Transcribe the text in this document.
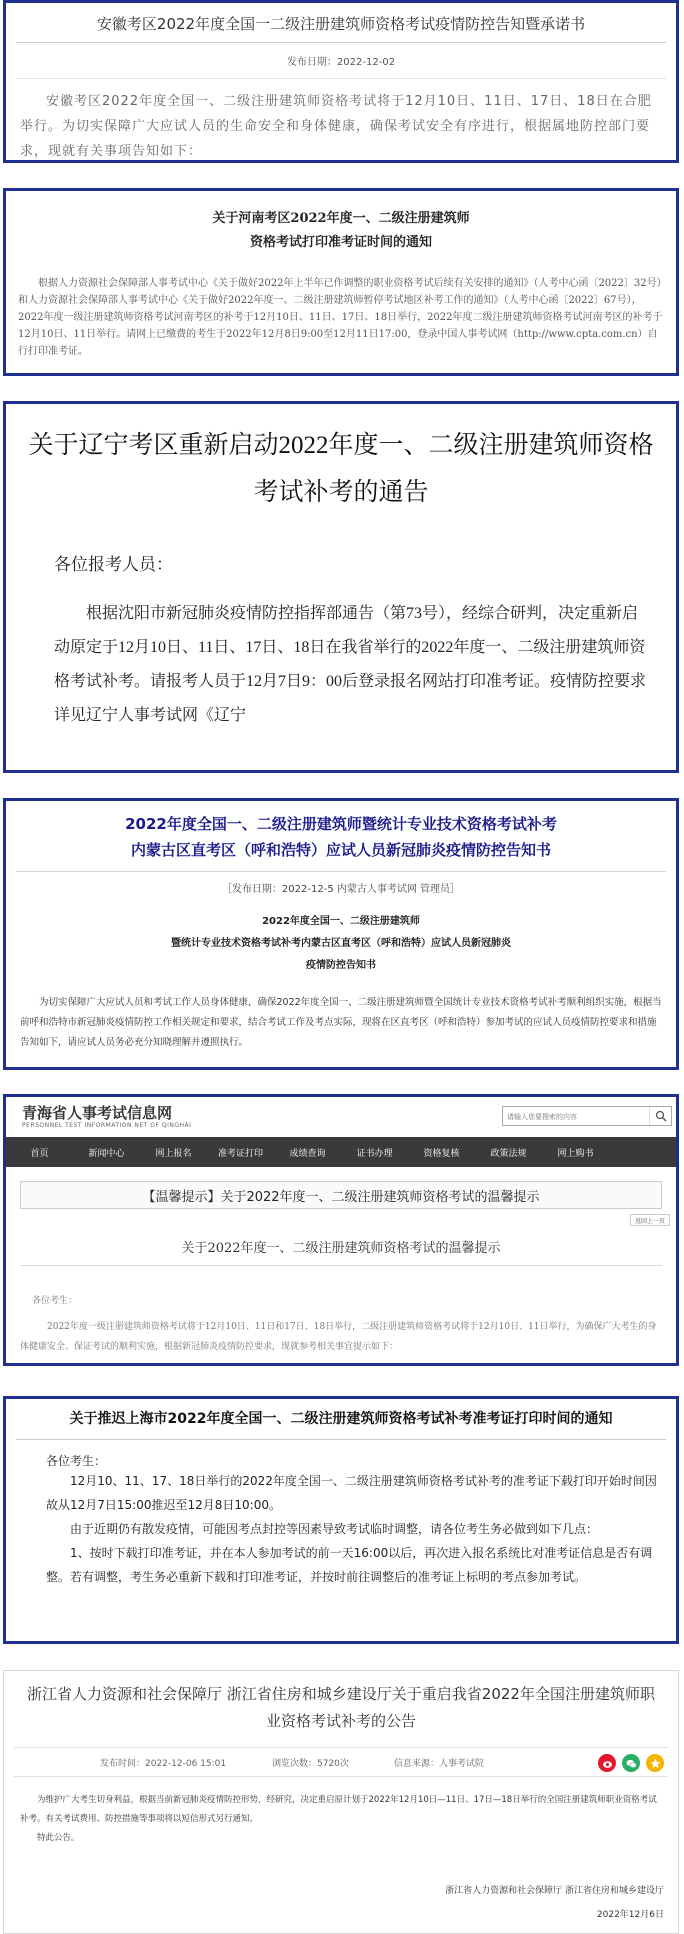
安徽考区2022年度全国一二级注册建筑师资格考试疫情防控告知暨承诺书
发布日期：2022-12-02
安徽考区2022年度全国一、二级注册建筑师资格考试将于12月10日、11日、17日、18日在合肥举行。为切实保障广大应试人员的生命安全和身体健康，确保考试安全有序进行，根据属地防控部门要求，现就有关事项告知如下：
关于河南考区2022年度一、二级注册建筑师
资格考试打印准考证时间的通知
根据人力资源社会保障部人事考试中心《关于做好2022年上半年已作调整的职业资格考试后续有关安排的通知》（人考中心函〔2022〕32号）和人力资源社会保障部人事考试中心《关于做好2022年度一、二级注册建筑师暂停考试地区补考工作的通知》（人考中心函〔2022〕67号），2022年度一级注册建筑师资格考试河南考区的补考于12月10日、11日、17日、18日举行，2022年度二级注册建筑师资格考试河南考区的补考于12月10日、11日举行。请网上已缴费的考生于2022年12月8日9:00至12月11日17:00，登录中国人事考试网（http://www.cpta.com.cn）自行打印准考证。
关于辽宁考区重新启动2022年度一、二级注册建筑师资格考试补考的通告
各位报考人员：
根据沈阳市新冠肺炎疫情防控指挥部通告（第73号），经综合研判，决定重新启动原定于12月10日、11日、17日、18日在我省举行的2022年度一、二级注册建筑师资格考试补考。请报考人员于12月7日9：00后登录报名网站打印准考证。疫情防控要求详见辽宁人事考试网《辽宁
2022年度全国一、二级注册建筑师暨统计专业技术资格考试补考
内蒙古区直考区（呼和浩特）应试人员新冠肺炎疫情防控告知书
［发布日期：2022-12-5 内蒙古人事考试网 管理员］
2022年度全国一、二级注册建筑师
暨统计专业技术资格考试补考内蒙古区直考区（呼和浩特）应试人员新冠肺炎
疫情防控告知书
为切实保障广大应试人员和考试工作人员身体健康，确保2022年度全国一、二级注册建筑师暨全国统计专业技术资格考试补考顺利组织实施，根据当前呼和浩特市新冠肺炎疫情防控工作相关规定和要求，结合考试工作及考点实际，现将在区直考区（呼和浩特）参加考试的应试人员疫情防控要求和措施告知如下，请应试人员务必充分知晓理解并遵照执行。
青海省人事考试信息网
PERSONNEL TEST INFORMATION NET OF QINGHAI
请输入您要搜索的内容
首页	新闻中心	网上报名	准考证打印	成绩查询	证书办理	资格复核	政策法规	网上购书
【温馨提示】关于2022年度一、二级注册建筑师资格考试的温馨提示
返回上一页
关于2022年度一、二级注册建筑师资格考试的温馨提示
各位考生：
2022年度一级注册建筑师资格考试将于12月10日、11日和17日、18日举行，二级注册建筑师资格考试将于12月10日、11日举行，为确保广大考生的身体健康安全、保证考试的顺利实施，根据新冠肺炎疫情防控要求，现就参考相关事宜提示如下：
关于推迟上海市2022年度全国一、二级注册建筑师资格考试补考准考证打印时间的通知
各位考生：

12月10、11、17、18日举行的2022年度全国一、二级注册建筑师资格考试补考的准考证下载打印开始时间因故从12月7日15:00推迟至12月8日10:00。

由于近期仍有散发疫情，可能因考点封控等因素导致考试临时调整，请各位考生务必做到如下几点：

1、按时下载打印准考证，并在本人参加考试的前一天16:00以后，再次进入报名系统比对准考证信息是否有调整。若有调整，考生务必重新下载和打印准考证，并按时前往调整后的准考证上标明的考点参加考试。

浙江省人力资源和社会保障厅 浙江省住房和城乡建设厅关于重启我省2022年全国注册建筑师职业资格考试补考的公告
发布时间：2022-12-06 15:01	浏览次数：5720次	信息来源：人事考试院

为维护广大考生切身利益，根据当前新冠肺炎疫情防控形势，经研究，决定重启原计划于2022年12月10日—11日、17日—18日举行的全国注册建筑师职业资格考试补考。有关考试费用、防控措施等事项将以短信形式另行通知。

特此公告。

浙江省人力资源和社会保障厅 浙江省住房和城乡建设厅
2022年12月6日
